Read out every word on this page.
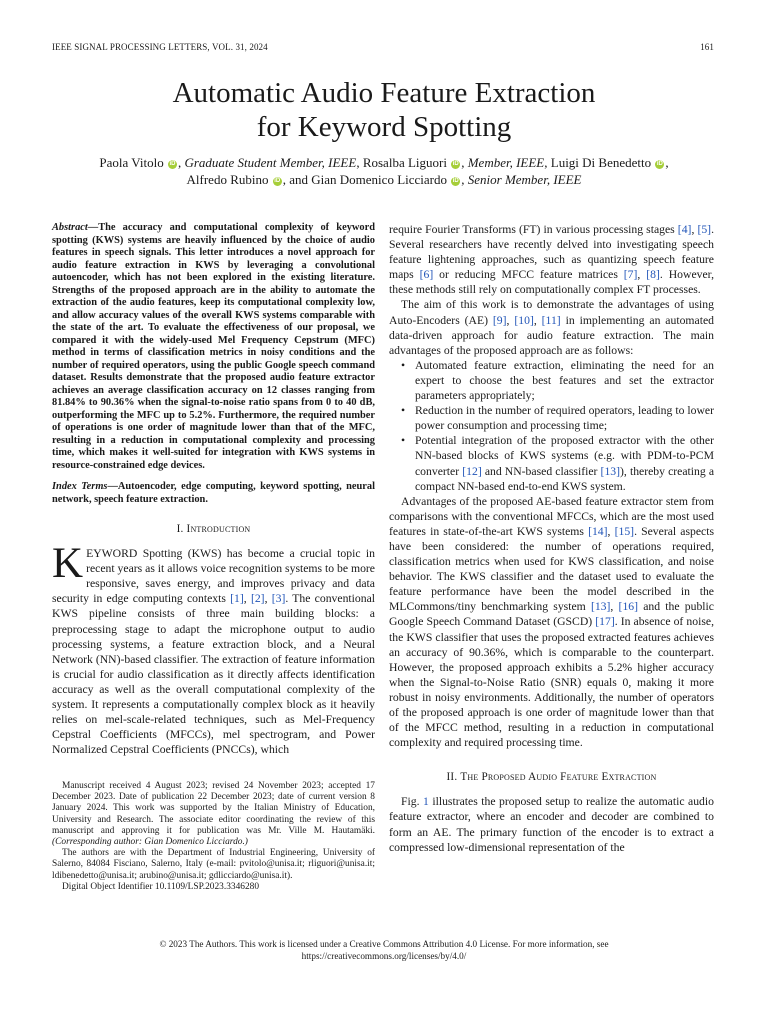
IEEE SIGNAL PROCESSING LETTERS, VOL. 31, 2024	161
Automatic Audio Feature Extraction
for Keyword Spotting
Paola Vitolo iD , Graduate Student Member, IEEE, Rosalba Liguori iD , Member, IEEE, Luigi Di Benedetto iD ,
Alfredo Rubino iD , and Gian Domenico Licciardo iD , Senior Member, IEEE
Abstract—The accuracy and computational complexity of keyword spotting (KWS) systems are heavily influenced by the choice of audio features in speech signals. This letter introduces a novel approach for audio feature extraction in KWS by leveraging a convolutional autoencoder, which has not been explored in the existing literature. Strengths of the proposed approach are in the ability to automate the extraction of the audio features, keep its computational complexity low, and allow accuracy values of the overall KWS systems comparable with the state of the art. To evaluate the effectiveness of our proposal, we compared it with the widely-used Mel Frequency Cepstrum (MFC) method in terms of classification metrics in noisy conditions and the number of required operators, using the public Google speech command dataset. Results demonstrate that the proposed audio feature extractor achieves an average classification accuracy on 12 classes ranging from 81.84% to 90.36% when the signal-to-noise ratio spans from 0 to 40 dB, outperforming the MFC up to 5.2%. Furthermore, the required number of operations is one order of magnitude lower than that of the MFC, resulting in a reduction in computational complexity and processing time, which makes it well-suited for integration with KWS systems in resource-constrained edge devices.
Index Terms—Autoencoder, edge computing, keyword spotting, neural network, speech feature extraction.
I. Introduction

KEYWORD Spotting (KWS) has become a crucial topic in recent years as it allows voice recognition systems to be more responsive, saves energy, and improves privacy and data security in edge computing contexts [1], [2], [3]. The conventional KWS pipeline consists of three main building blocks: a preprocessing stage to adapt the microphone output to audio processing systems, a feature extraction block, and a Neural Network (NN)-based classifier. The extraction of feature information is crucial for audio classification as it directly affects identification accuracy as well as the overall computational complexity of the system. It represents a computationally complex block as it heavily relies on mel-scale-related techniques, such as Mel-Frequency Cepstral Coefficients (MFCCs), mel spectrogram, and Power Normalized Cepstral Coefficients (PNCCs), which

Manuscript received 4 August 2023; revised 24 November 2023; accepted 17 December 2023. Date of publication 22 December 2023; date of current version 8 January 2024. This work was supported by the Italian Ministry of Education, University and Research. The associate editor coordinating the review of this manuscript and approving it for publication was Mr. Ville M. Hautamäki. (Corresponding author: Gian Domenico Licciardo.)

The authors are with the Department of Industrial Engineering, University of Salerno, 84084 Fisciano, Salerno, Italy (e-mail: pvitolo@unisa.it; rliguori@unisa.it; ldibenedetto@unisa.it; arubino@unisa.it; gdlicciardo@unisa.it).

Digital Object Identifier 10.1109/LSP.2023.3346280

require Fourier Transforms (FT) in various processing stages [4], [5]. Several researchers have recently delved into investigating speech feature lightening approaches, such as quantizing speech feature maps [6] or reducing MFCC feature matrices [7], [8]. However, these methods still rely on computationally complex FT processes.

The aim of this work is to demonstrate the advantages of using Auto-Encoders (AE) [9], [10], [11] in implementing an automated data-driven approach for audio feature extraction. The main advantages of the proposed approach are as follows:

• Automated feature extraction, eliminating the need for an expert to choose the best features and set the extractor parameters appropriately;
• Reduction in the number of required operators, leading to lower power consumption and processing time;
• Potential integration of the proposed extractor with the other NN-based blocks of KWS systems (e.g. with PDM-to-PCM converter [12] and NN-based classifier [13]), thereby creating a compact NN-based end-to-end KWS system.

Advantages of the proposed AE-based feature extractor stem from comparisons with the conventional MFCCs, which are the most used features in state-of-the-art KWS systems [14], [15]. Several aspects have been considered: the number of operations required, classification metrics when used for KWS classification, and noise behavior. The KWS classifier and the dataset used to evaluate the feature performance have been the model described in the MLCommons/tiny benchmarking system [13], [16] and the public Google Speech Command Dataset (GSCD) [17]. In absence of noise, the KWS classifier that uses the proposed extracted features achieves an accuracy of 90.36%, which is comparable to the counterpart. However, the proposed approach exhibits a 5.2% higher accuracy when the Signal-to-Noise Ratio (SNR) equals 0, making it more robust in noisy environments. Additionally, the number of operators of the proposed approach is one order of magnitude lower than that of the MFCC method, resulting in a reduction in computational complexity and required processing time.

II. The Proposed Audio Feature Extraction

Fig. 1 illustrates the proposed setup to realize the automatic audio feature extractor, where an encoder and decoder are combined to form an AE. The primary function of the encoder is to extract a compressed low-dimensional representation of the

© 2023 The Authors. This work is licensed under a Creative Commons Attribution 4.0 License. For more information, see
https://creativecommons.org/licenses/by/4.0/
